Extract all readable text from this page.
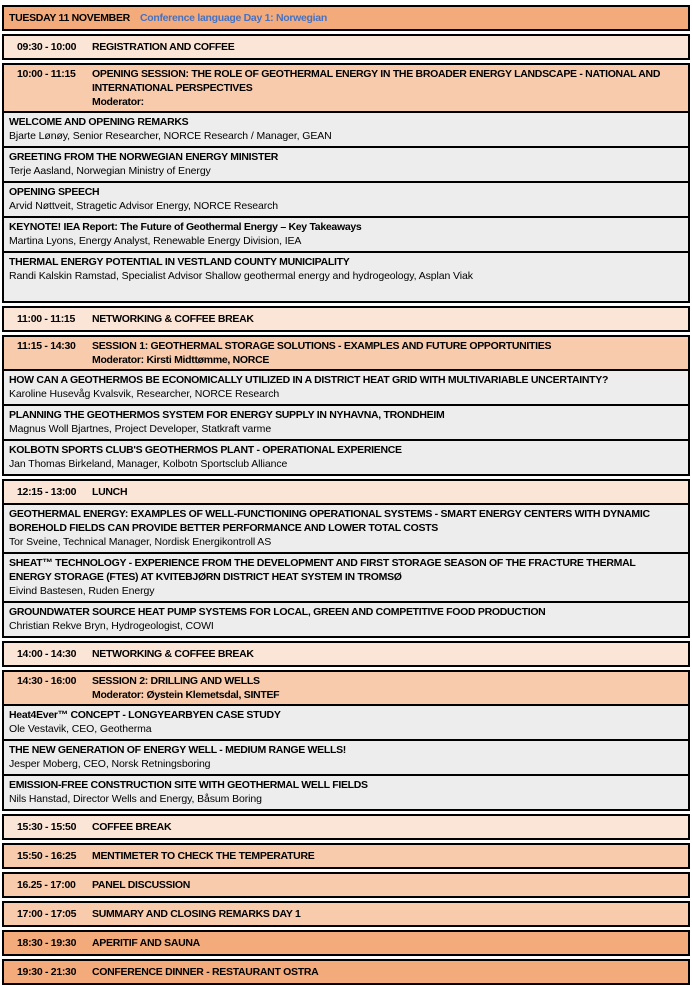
TUESDAY 11 NOVEMBER Conference language Day 1: Norwegian
09:30 - 10:00	REGISTRATION AND COFFEE
10:00 - 11:15	OPENING SESSION: THE ROLE OF GEOTHERMAL ENERGY IN THE BROADER ENERGY LANDSCAPE - NATIONAL AND INTERNATIONAL PERSPECTIVES
Moderator:
WELCOME AND OPENING REMARKS
Bjarte Lønøy, Senior Researcher, NORCE Research / Manager, GEAN
GREETING FROM THE NORWEGIAN ENERGY MINISTER
Terje Aasland, Norwegian Ministry of Energy
OPENING SPEECH
Arvid Nøttveit, Stragetic Advisor Energy, NORCE Research
KEYNOTE! IEA Report: The Future of Geothermal Energy – Key Takeaways
Martina Lyons, Energy Analyst, Renewable Energy Division, IEA
THERMAL ENERGY POTENTIAL IN VESTLAND COUNTY MUNICIPALITY
Randi Kalskin Ramstad, Specialist Advisor Shallow geothermal energy and hydrogeology, Asplan Viak
11:00 - 11:15	NETWORKING & COFFEE BREAK
11:15 - 14:30	SESSION 1: GEOTHERMAL STORAGE SOLUTIONS - EXAMPLES AND FUTURE OPPORTUNITIES
Moderator: Kirsti Midttømme, NORCE
HOW CAN A GEOTHERMOS BE ECONOMICALLY UTILIZED IN A DISTRICT HEAT GRID WITH MULTIVARIABLE UNCERTAINTY?
Karoline Husevåg Kvalsvik, Researcher, NORCE Research
PLANNING THE GEOTHERMOS SYSTEM FOR ENERGY SUPPLY IN NYHAVNA, TRONDHEIM
Magnus Woll Bjartnes, Project Developer, Statkraft varme
KOLBOTN SPORTS CLUB'S GEOTHERMOS PLANT - OPERATIONAL EXPERIENCE
Jan Thomas Birkeland, Manager, Kolbotn Sportsclub Alliance
12:15 - 13:00	LUNCH
GEOTHERMAL ENERGY: EXAMPLES OF WELL-FUNCTIONING OPERATIONAL SYSTEMS - SMART ENERGY CENTERS WITH DYNAMIC BOREHOLD FIELDS CAN PROVIDE BETTER PERFORMANCE AND LOWER TOTAL COSTS
Tor Sveine, Technical Manager, Nordisk Energikontroll AS
SHEAT™ TECHNOLOGY - EXPERIENCE FROM THE DEVELOPMENT AND FIRST STORAGE SEASON OF THE FRACTURE THERMAL ENERGY STORAGE (FTES) AT KVITEBJØRN DISTRICT HEAT SYSTEM IN TROMSØ
Eivind Bastesen, Ruden Energy
GROUNDWATER SOURCE HEAT PUMP SYSTEMS FOR LOCAL, GREEN AND COMPETITIVE FOOD PRODUCTION
Christian Rekve Bryn, Hydrogeologist, COWI
14:00 - 14:30	NETWORKING & COFFEE BREAK
14:30 - 16:00	SESSION 2: DRILLING AND WELLS
Moderator: Øystein Klemetsdal, SINTEF
Heat4Ever™ CONCEPT - LONGYEARBYEN CASE STUDY
Ole Vestavik, CEO, Geotherma
THE NEW GENERATION OF ENERGY WELL - MEDIUM RANGE WELLS!
Jesper Moberg, CEO, Norsk Retningsboring
EMISSION-FREE CONSTRUCTION SITE WITH GEOTHERMAL WELL FIELDS
Nils Hanstad, Director Wells and Energy, Båsum Boring
15:30 - 15:50	COFFEE BREAK
15:50 - 16:25	MENTIMETER TO CHECK THE TEMPERATURE
16.25 - 17:00	PANEL DISCUSSION
17:00 - 17:05	SUMMARY AND CLOSING REMARKS DAY 1
18:30 - 19:30	APERITIF AND SAUNA
19:30 - 21:30	CONFERENCE DINNER - RESTAURANT OSTRA
